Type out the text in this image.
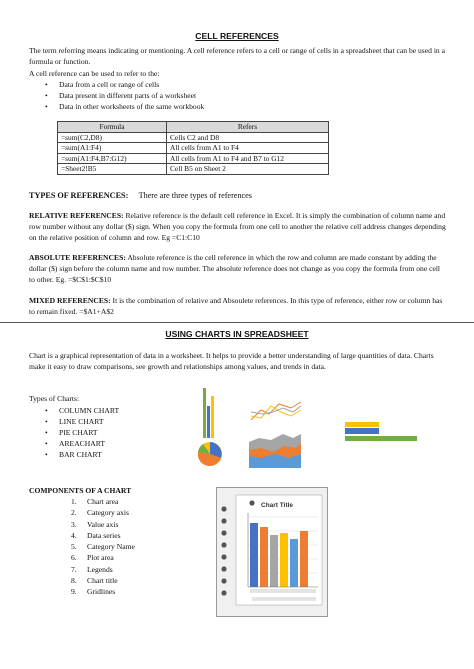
CELL REFERENCES

The term referring means indicating or mentioning. A cell reference refers to a cell or range of cells in a spreadsheet that can be used in a formula or function.

A cell reference can be used to refer to the:

• Data from a cell or range of cells
• Data present in different parts of a worksheet
• Data in other worksheets of the same workbook
Formula	Refers
=sum(C2,D8)	Cells C2 and D8
=sum(A1:F4)	All cells from A1 to F4
=sum(A1:F4,B7:G12)	All cells from A1 to F4 and B7 to G12
=Sheet2!B5	Cell B5 on Sheet 2

TYPES OF REFERENCES: There are three types of references

RELATIVE REFERENCES: Relative reference is the default cell reference in Excel. It is simply the combination of column name and row number without any dollar ($) sign. When you copy the formula from one cell to another the relative cell address changes depending on the relative position of column and row. Eg =C1:C10

ABSOLUTE REFERENCES: Absolute reference is the cell reference in which the row and column are made constant by adding the dollar ($) sign before the column name and row number. The absolute reference does not change as you copy the formula from one cell to other. Eg. =$C$1:$C$10

MIXED REFERENCES: It is the combination of relative and Absoulete references. In this type of reference, either row or column has to remain fixed. =$A1+A$2

USING CHARTS IN SPREADSHEET

Chart is a graphical representation of data in a worksheet. It helps to provide a better understanding of large quantities of data. Charts make it easy to draw comparisons, see growth and relationships among values, and trends in data.

Types of Charts:

• COLUMN CHART
• LINE CHART
• PIE CHART
• AREACHART
• BAR CHART

COMPONENTS OF A CHART

1. Chart area
2. Category axis
3. Value axis
4. Data series
5. Category Name
6. Plot area
7. Legends
8. Chart title
9. Gridlines
Chart Title
